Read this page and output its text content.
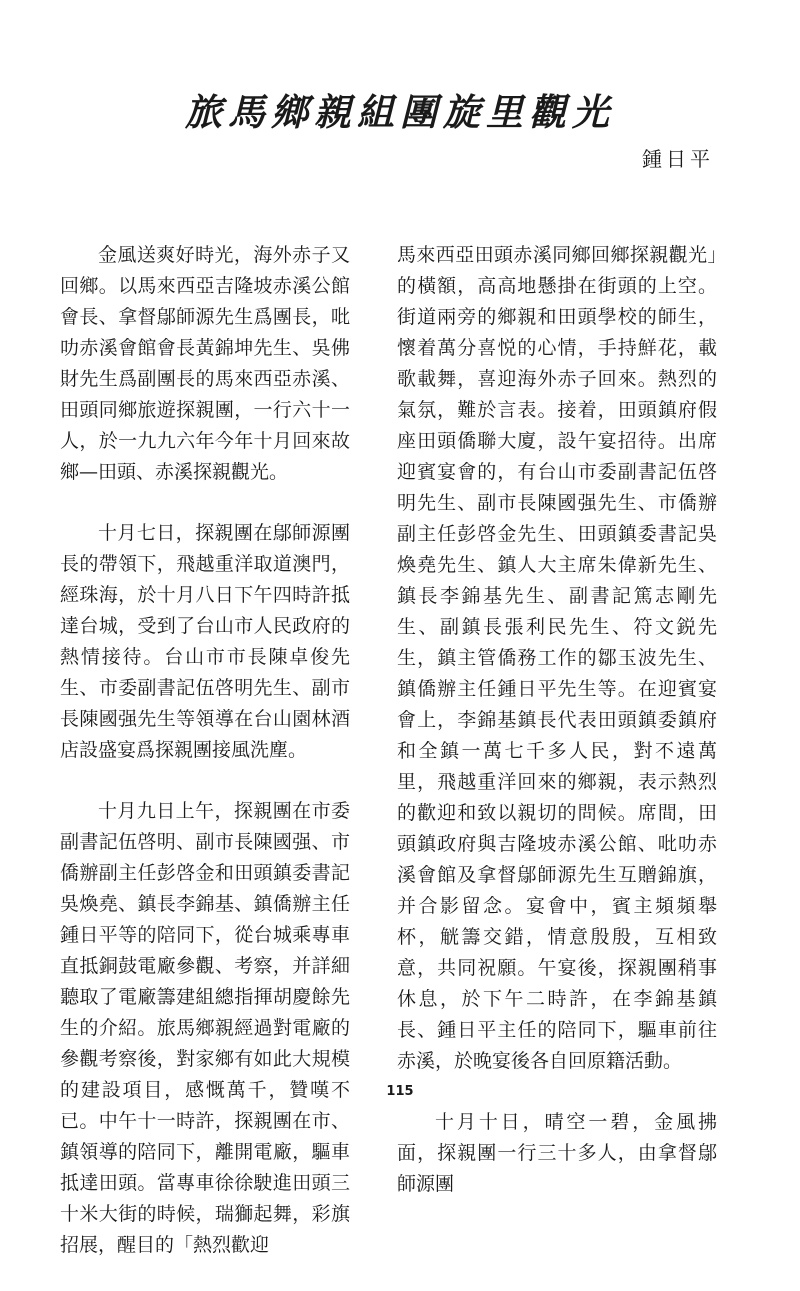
旅馬鄉親組團旋里觀光
鍾日平

金風送爽好時光，海外赤子又回鄉。以馬來西亞吉隆坡赤溪公館會長、拿督鄔師源先生爲團長，吡叻赤溪會館會長黃錦坤先生、吳佛財先生爲副團長的馬來西亞赤溪、田頭同鄉旅遊探親團，一行六十一人，於一九九六年今年十月回來故鄉—田頭、赤溪探親觀光。

十月七日，探親團在鄔師源團長的帶領下，飛越重洋取道澳門，經珠海，於十月八日下午四時許抵達台城，受到了台山市人民政府的熱情接待。台山市市長陳卓俊先生、市委副書記伍啓明先生、副市長陳國强先生等領導在台山園林酒店設盛宴爲探親團接風洗塵。

十月九日上午，探親團在市委副書記伍啓明、副市長陳國强、市僑辦副主任彭啓金和田頭鎮委書記吳煥堯、鎮長李錦基、鎮僑辦主任鍾日平等的陪同下，從台城乘專車直抵銅鼓電廠參觀、考察，并詳細聽取了電廠籌建組總指揮胡慶餘先生的介紹。旅馬鄉親經過對電廠的參觀考察後，對家鄉有如此大規模的建設項目，感慨萬千，贊嘆不已。中午十一時許，探親團在市、鎮領導的陪同下，離開電廠，驅車抵達田頭。當專車徐徐駛進田頭三十米大街的時候，瑞獅起舞，彩旗招展，醒目的「熱烈歡迎

馬來西亞田頭赤溪同鄉回鄉探親觀光」的橫額，高高地懸掛在街頭的上空。街道兩旁的鄉親和田頭學校的師生，懷着萬分喜悦的心情，手持鮮花，載歌載舞，喜迎海外赤子回來。熱烈的氣氛，難於言表。接着，田頭鎮府假座田頭僑聯大廈，設午宴招待。出席迎賓宴會的，有台山市委副書記伍啓明先生、副市長陳國强先生、市僑辦副主任彭啓金先生、田頭鎮委書記吳煥堯先生、鎮人大主席朱偉新先生、鎮長李錦基先生、副書記篤志剛先生、副鎮長張利民先生、符文鋭先生，鎮主管僑務工作的鄒玉波先生、鎮僑辦主任鍾日平先生等。在迎賓宴會上，李錦基鎮長代表田頭鎮委鎮府和全鎮一萬七千多人民，對不遠萬里，飛越重洋回來的鄉親，表示熱烈的歡迎和致以親切的問候。席間，田頭鎮政府與吉隆坡赤溪公館、吡叻赤溪會館及拿督鄔師源先生互贈錦旗，并合影留念。宴會中，賓主頻頻舉杯，觥籌交錯，情意殷殷，互相致意，共同祝願。午宴後，探親團稍事休息，於下午二時許，在李錦基鎮長、鍾日平主任的陪同下，驅車前往赤溪，於晚宴後各自回原籍活動。

十月十日，晴空一碧，金風拂面，探親團一行三十多人，由拿督鄔師源團

115
